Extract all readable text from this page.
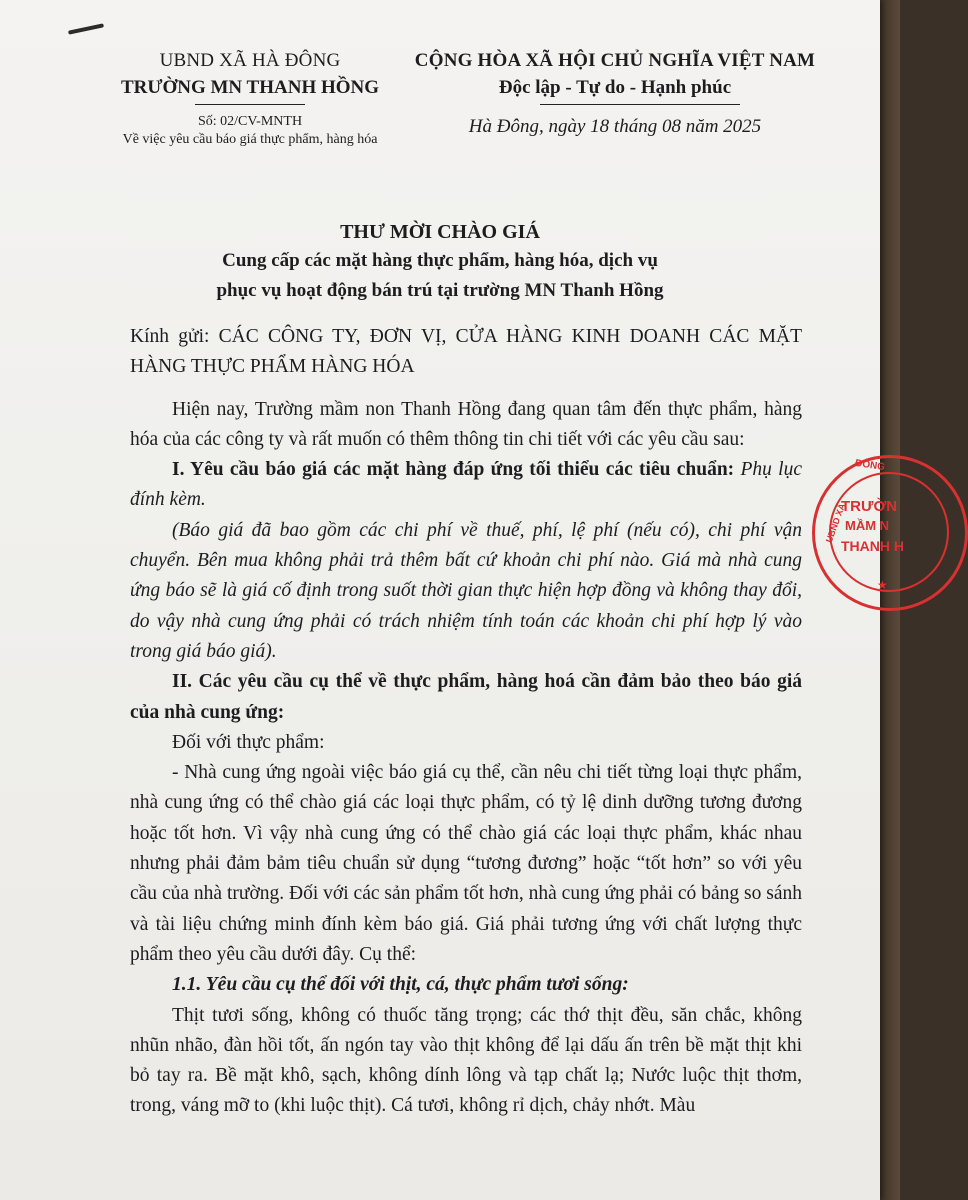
UBND XÃ HÀ ĐÔNG
TRƯỜNG MN THANH HỒNG
Số: 02/CV-MNTH
Về việc yêu cầu báo giá thực phẩm, hàng hóa
CỘNG HÒA XÃ HỘI CHỦ NGHĨA VIỆT NAM
Độc lập - Tự do - Hạnh phúc
Hà Đông, ngày 18 tháng 08 năm 2025
THƯ MỜI CHÀO GIÁ
Cung cấp các mặt hàng thực phẩm, hàng hóa, dịch vụ
phục vụ hoạt động bán trú tại trường MN Thanh Hồng

Kính gửi: CÁC CÔNG TY, ĐƠN VỊ, CỬA HÀNG KINH DOANH CÁC MẶT HÀNG THỰC PHẨM HÀNG HÓA

Hiện nay, Trường mầm non Thanh Hồng đang quan tâm đến thực phẩm, hàng hóa của các công ty và rất muốn có thêm thông tin chi tiết với các yêu cầu sau:

I. Yêu cầu báo giá các mặt hàng đáp ứng tối thiểu các tiêu chuẩn: Phụ lục đính kèm.

(Báo giá đã bao gồm các chi phí về thuế, phí, lệ phí (nếu có), chi phí vận chuyển. Bên mua không phải trả thêm bất cứ khoản chi phí nào. Giá mà nhà cung ứng báo sẽ là giá cố định trong suốt thời gian thực hiện hợp đồng và không thay đổi, do vậy nhà cung ứng phải có trách nhiệm tính toán các khoản chi phí hợp lý vào trong giá báo giá).

II. Các yêu cầu cụ thể về thực phẩm, hàng hoá cần đảm bảo theo báo giá của nhà cung ứng:

Đối với thực phẩm:

- Nhà cung ứng ngoài việc báo giá cụ thể, cần nêu chi tiết từng loại thực phẩm, nhà cung ứng có thể chào giá các loại thực phẩm, có tỷ lệ dinh dưỡng tương đương hoặc tốt hơn. Vì vậy nhà cung ứng có thể chào giá các loại thực phẩm, khác nhau nhưng phải đảm bảm tiêu chuẩn sử dụng “tương đương” hoặc “tốt hơn” so với yêu cầu của nhà trường. Đối với các sản phẩm tốt hơn, nhà cung ứng phải có bảng so sánh và tài liệu chứng minh đính kèm báo giá. Giá phải tương ứng với chất lượng thực phẩm theo yêu cầu dưới đây. Cụ thể:

1.1. Yêu cầu cụ thể đối với thịt, cá, thực phẩm tươi sống:

Thịt tươi sống, không có thuốc tăng trọng; các thớ thịt đều, săn chắc, không nhũn nhão, đàn hồi tốt, ấn ngón tay vào thịt không để lại dấu ấn trên bề mặt thịt khi bỏ tay ra. Bề mặt khô, sạch, không dính lông và tạp chất lạ; Nước luộc thịt thơm, trong, váng mỡ to (khi luộc thịt). Cá tươi, không rỉ dịch, chảy nhớt. Màu

ĐÔNG
UBND XÃ
TRƯỜN
MẦM N
THANH H
★
